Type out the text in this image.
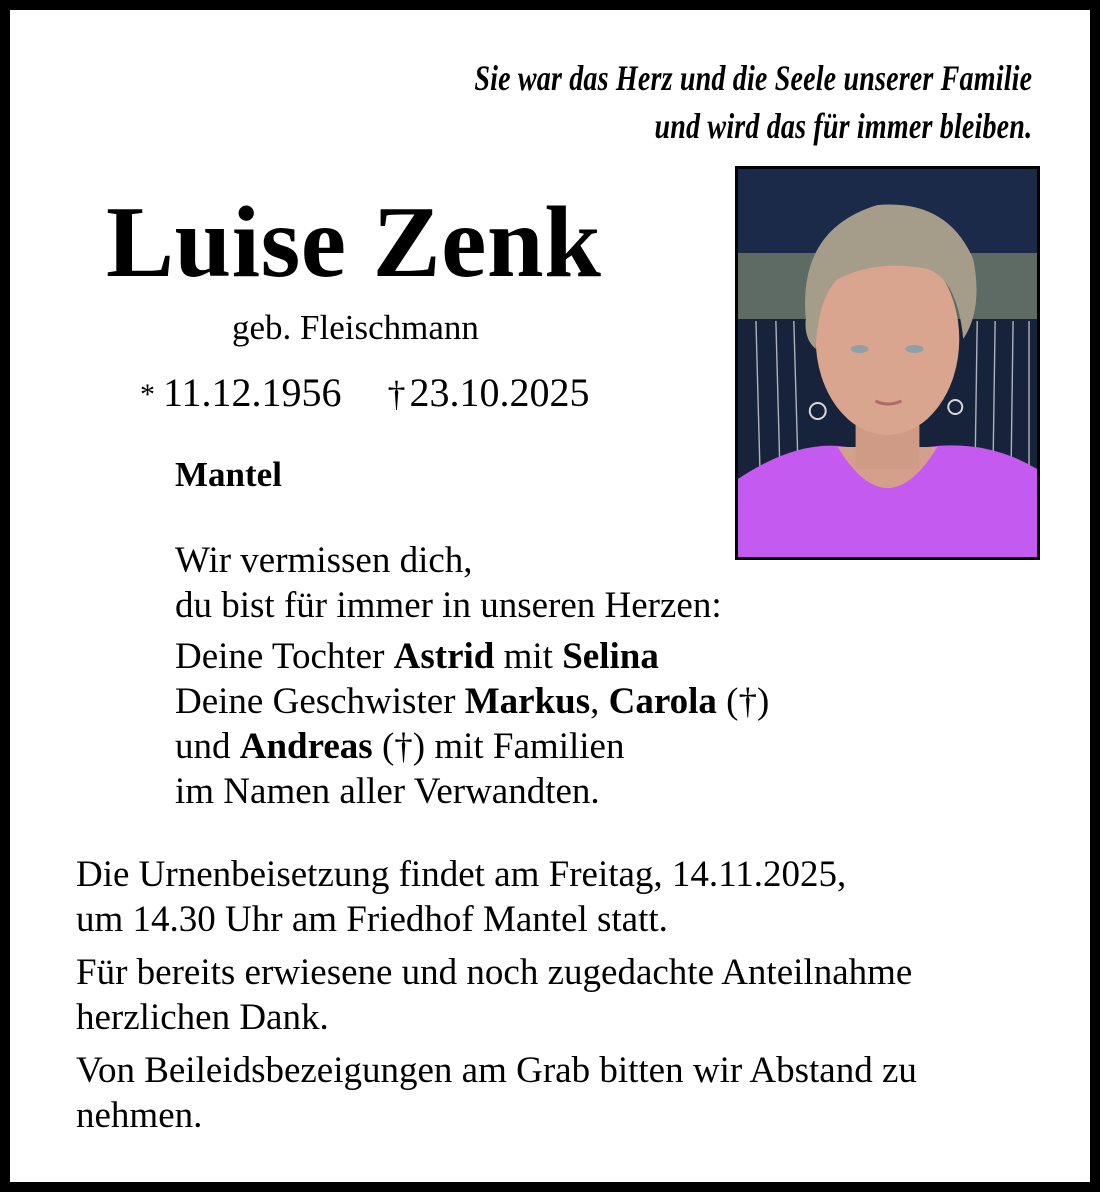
Sie war das Herz und die Seele unserer Familie
und wird das für immer bleiben.
Luise Zenk
geb. Fleischmann
* 11.12.1956 † 23.10.2025
Mantel
Wir vermissen dich,
du bist für immer in unseren Herzen:
Deine Tochter Astrid mit Selina
Deine Geschwister Markus, Carola (†)
und Andreas (†) mit Familien
im Namen aller Verwandten.

Die Urnenbeisetzung findet am Freitag, 14.11.2025,
um 14.30 Uhr am Friedhof Mantel statt.

Für bereits erwiesene und noch zugedachte Anteilnahme
herzlichen Dank.

Von Beileidsbezeigungen am Grab bitten wir Abstand zu
nehmen.
